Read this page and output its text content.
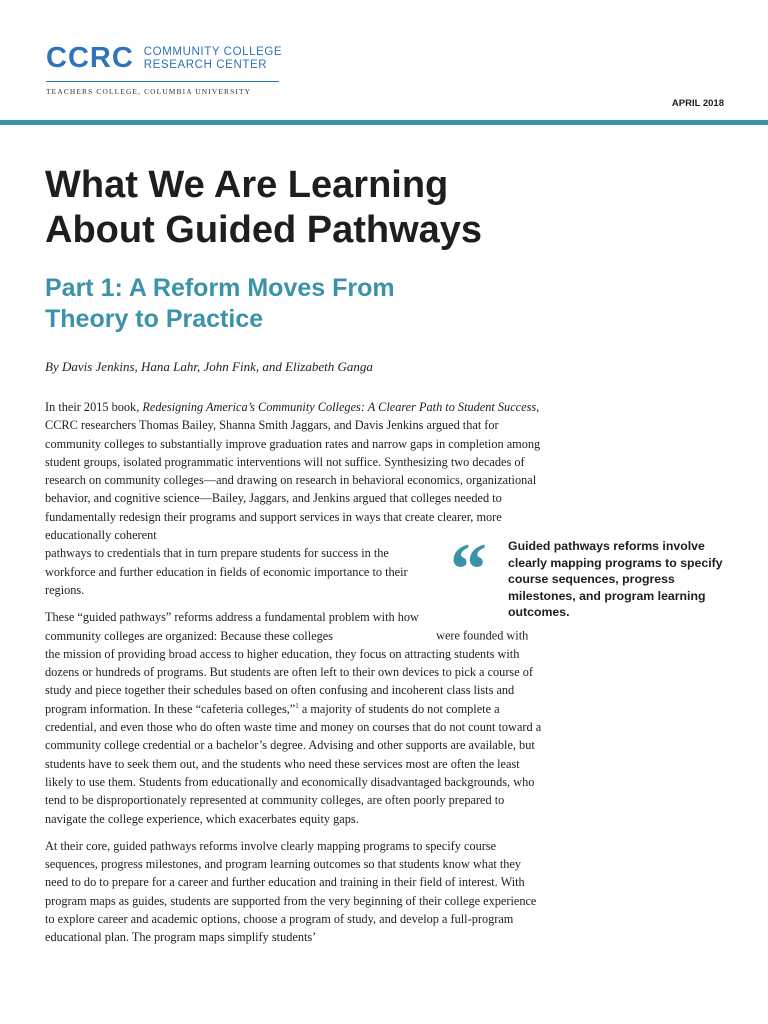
CCRC COMMUNITY COLLEGE
RESEARCH CENTER
TEACHERS COLLEGE, COLUMBIA UNIVERSITY
APRIL 2018
What We Are Learning
About Guided Pathways
Part 1: A Reform Moves From
Theory to Practice
By Davis Jenkins, Hana Lahr, John Fink, and Elizabeth Ganga

In their 2015 book, Redesigning America’s Community Colleges: A Clearer Path to Student Success, CCRC researchers Thomas Bailey, Shanna Smith Jaggars, and Davis Jenkins argued that for community colleges to substantially improve graduation rates and narrow gaps in completion among student groups, isolated programmatic interventions will not suffice. Synthesizing two decades of research on community colleges—and drawing on research in behavioral economics, organizational behavior, and cognitive science—Bailey, Jaggars, and Jenkins argued that colleges needed to fundamentally redesign their programs and support services in ways that create clearer, more educationally coherent pathways to credentials that in turn prepare students for success in the workforce and further education in fields of economic importance to their regions.

These “guided pathways” reforms address a fundamental problem with how community colleges are organized: Because these colleges	were founded with the mission of providing broad access to higher education, they focus on attracting students with dozens or hundreds of programs. But students are often left to their own devices to pick a course of study and piece together their schedules based on often confusing and incoherent class lists and program information. In these “cafeteria colleges,”$^1$ a majority of students do not complete a credential, and even those who do often waste time and money on courses that do not count toward a community college credential or a bachelor’s degree. Advising and other supports are available, but students have to seek them out, and the students who need these services most are often the least likely to use them. Students from educationally and economically disadvantaged backgrounds, who tend to be disproportionately represented at community colleges, are often poorly prepared to navigate the college experience, which exacerbates equity gaps.

At their core, guided pathways reforms involve clearly mapping programs to specify course sequences, progress milestones, and program learning outcomes so that students know what they need to do to prepare for a career and further education and training in their field of interest. With program maps as guides, students are supported from the very beginning of their college experience to explore career and academic options, choose a program of study, and develop a full-program educational plan. The program maps simplify students’

“ Guided pathways reforms involve clearly mapping programs to specify course sequences, progress milestones, and program learning outcomes.
